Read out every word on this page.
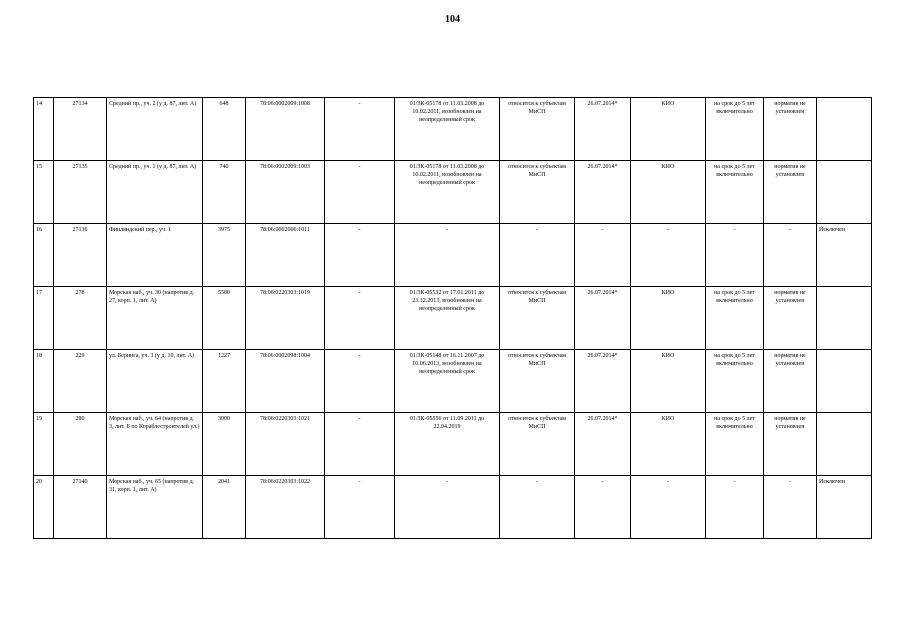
104
14	27134	Средний пр., уч. 2 (у д. 87, лит. А)	648	78:06:0002009:1008	-	01/ЗК-05178 от 11.03.2008 до 10.02.2011, возобновлен на неопределенный срок	относится к субъектам МиСП	26.07.2014*	КИО	на срок до 5 лет включительно	норматив не установлен	
15	27135	Средний пр., уч. 1 (у д. 87, лит. А)	740	78:06:0002009:1003	-	01/ЗК-05178 от 11.03.2008 до 10.02.2011, возобновлен на неопределенный срок	относится к субъектам МиСП	26.07.2014*	КИО	на срок до 5 лет включительно	норматив не установлен	
16	27136	Финляндский пер., уч. 1	3975	78:06:0002006:1011	-	-	-	-	-	-	-	Исключен
17	278	Морская наб., уч. 30 (напротив д. 27, корп. 1, лит. А)	5580	78:06:0220303:1019	-	01/ЗК-05532 от 17.01.2011 до 23.12.2013, возобновлен на неопределенный срок	относится к субъектам МиСП	26.07.2014*	КИО	на срок до 5 лет включительно	норматив не установлен	
18	229	ул. Беринга, уч. 3 (у д. 10, лит. А)	1227	78:06:0002098:1004	-	01/ЗК-05148 от 16.11.2007 до 10.06.2013, возобновлен на неопределенный срок	относится к субъектам МиСП	26.07.2014*	КИО	на срок до 5 лет включительно	норматив не установлен	
19	280	Морская наб., уч. 64 (напротив д. 3, лит. Б по Кораблестроителей ул.)	3000	78:06:0220303:1021	-	01/ЗК-05556 от 11.09.2011 до 22.04.2019	относится к субъектам МиСП	26.07.2014*	КИО	на срок до 5 лет включительно	норматив не установлен	
20	27140	Морская наб., уч. 65 (напротив д. 31, корп. 1, лит. А)	2041	78:06:0220303:1022	-	-	-	-	-	-	-	Исключен
